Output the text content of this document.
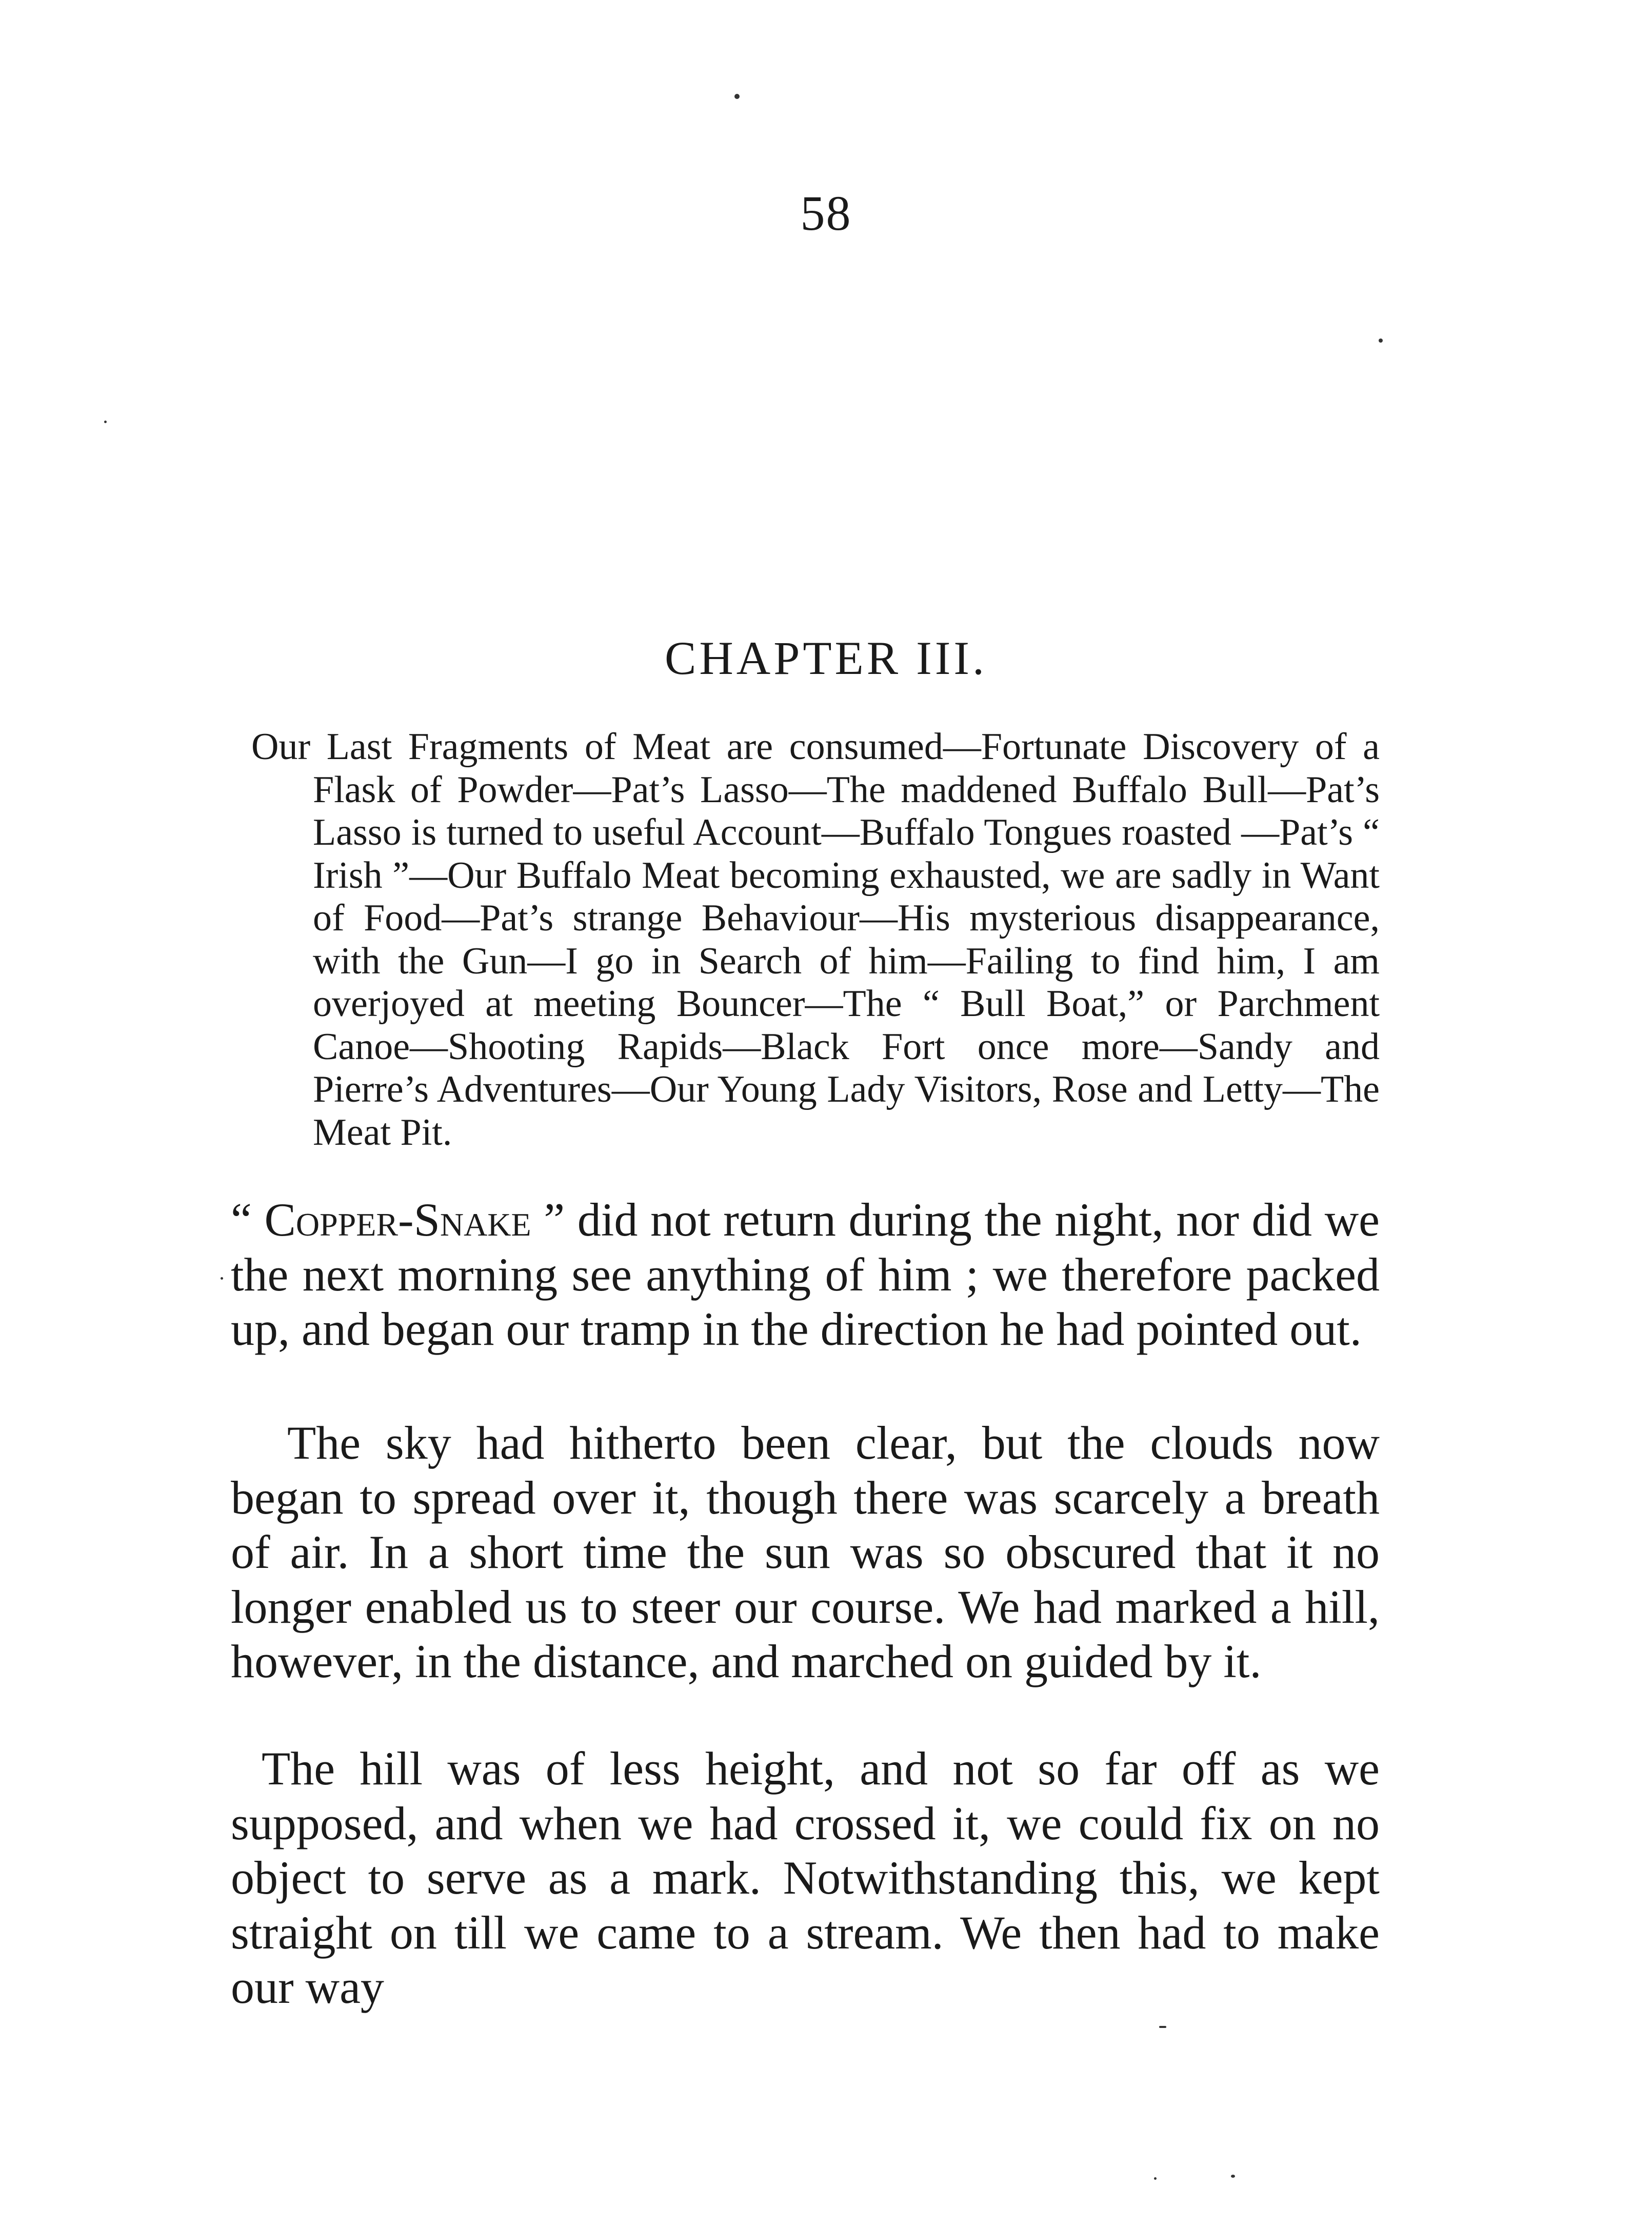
58
CHAPTER III.

Our Last Fragments of Meat are consumed—Fortunate Discovery of a Flask of Powder—Pat’s Lasso—The maddened Buffalo Bull—Pat’s Lasso is turned to useful Account—Buffalo Tongues roasted —Pat’s “ Irish ”—Our Buffalo Meat becoming exhausted, we are sadly in Want of Food—Pat’s strange Behaviour—His mysterious disappearance, with the Gun—I go in Search of him—Failing to find him, I am overjoyed at meeting Bouncer—The “ Bull Boat,” or Parchment Canoe—Shooting Rapids—Black Fort once more—Sandy and Pierre’s Adventures—Our Young Lady Visitors, Rose and Letty—The Meat Pit.

“ Copper-Snake ” did not return during the night, nor did we the next morning see anything of him ; we therefore packed up, and began our tramp in the direction he had pointed out.

The sky had hitherto been clear, but the clouds now began to spread over it, though there was scarcely a breath of air. In a short time the sun was so obscured that it no longer enabled us to steer our course. We had marked a hill, however, in the distance, and marched on guided by it.

The hill was of less height, and not so far off as we supposed, and when we had crossed it, we could fix on no object to serve as a mark. Notwithstanding this, we kept straight on till we came to a stream. We then had to make our way
